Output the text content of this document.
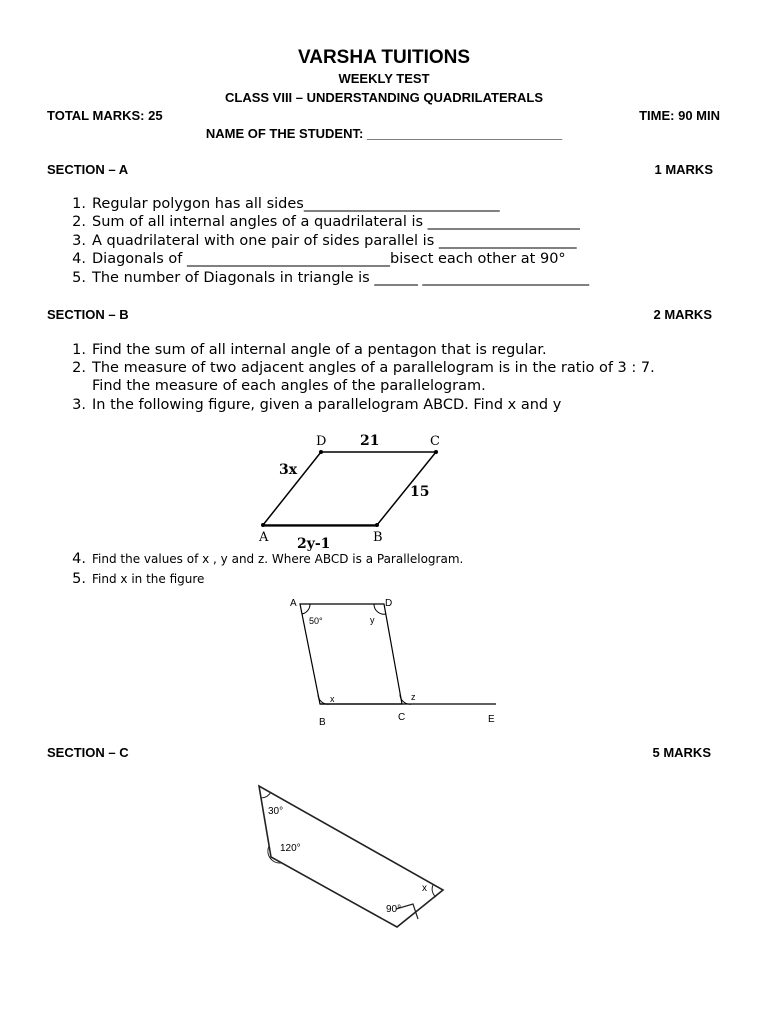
VARSHA TUITIONS
WEEKLY TEST
CLASS VIII – UNDERSTANDING QUADRILATERALS
TOTAL MARKS: 25	TIME: 90 MIN
NAME OF THE STUDENT: ___________________________
SECTION – A	1 MARKS
1. Regular polygon has all sides___________________________
2. Sum of all internal angles of a quadrilateral is _____________________
3. A quadrilateral with one pair of sides parallel is ___________________
4. Diagonals of ____________________________bisect each other at 90°
5. The number of Diagonals in triangle is ______ _______________________
SECTION – B	2 MARKS
1. Find the sum of all internal angle of a pentagon that is regular.
2. The measure of two adjacent angles of a parallelogram is in the ratio of 3 : 7.
Find the measure of each angles of the parallelogram.
3. In the following figure, given a parallelogram ABCD. Find x and y
D	C
A	B
21
3x
15
2y-1
4. Find the values of x , y and z. Where ABCD is a Parallelogram.
5. Find x in the figure
A	D
B	C	E
50°	y
x	z
SECTION – C	5 MARKS
30°
120°
90°
x
